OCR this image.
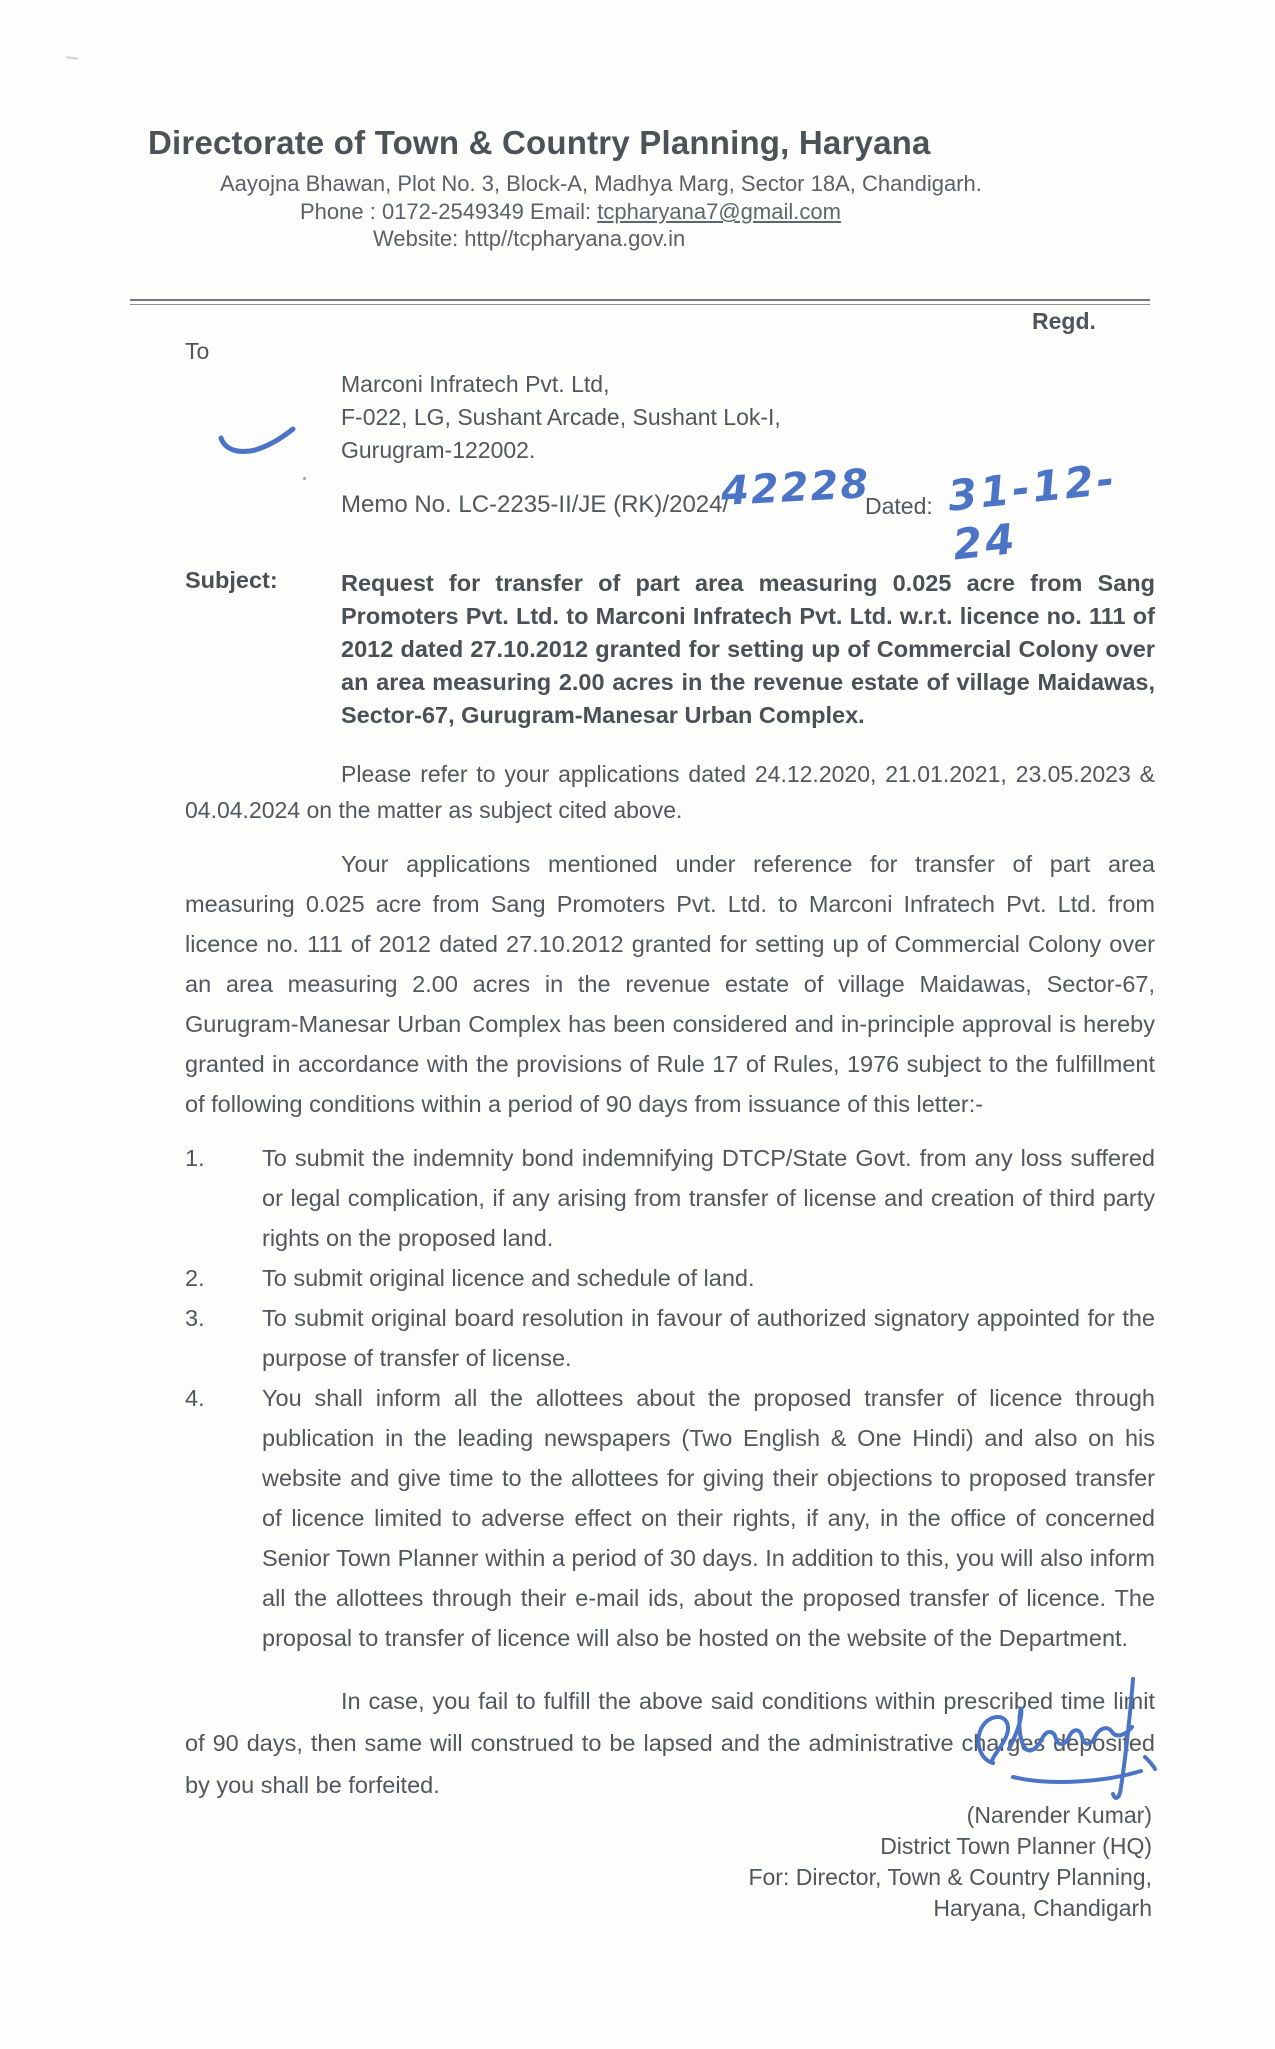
Directorate of Town & Country Planning, Haryana
Aayojna Bhawan, Plot No. 3, Block-A, Madhya Marg, Sector 18A, Chandigarh.
Phone : 0172-2549349 Email: tcpharyana7@gmail.com
Website: http//tcpharyana.gov.in
Regd.
To
Marconi Infratech Pvt. Ltd,
F-022, LG, Sushant Arcade, Sushant Lok-I,
Gurugram-122002.
Memo No. LC-2235-II/JE (RK)/2024/
42228
Dated: 31-12-24
Subject:	Request for transfer of part area measuring 0.025 acre from Sang Promoters Pvt. Ltd. to Marconi Infratech Pvt. Ltd. w.r.t. licence no. 111 of 2012 dated 27.10.2012 granted for setting up of Commercial Colony over an area measuring 2.00 acres in the revenue estate of village Maidawas, Sector-67, Gurugram-Manesar Urban Complex.
Please refer to your applications dated 24.12.2020, 21.01.2021, 23.05.2023 & 04.04.2024 on the matter as subject cited above.
Your applications mentioned under reference for transfer of part area measuring 0.025 acre from Sang Promoters Pvt. Ltd. to Marconi Infratech Pvt. Ltd. from licence no. 111 of 2012 dated 27.10.2012 granted for setting up of Commercial Colony over an area measuring 2.00 acres in the revenue estate of village Maidawas, Sector-67, Gurugram-Manesar Urban Complex has been considered and in-principle approval is hereby granted in accordance with the provisions of Rule 17 of Rules, 1976 subject to the fulfillment of following conditions within a period of 90 days from issuance of this letter:-
1.	To submit the indemnity bond indemnifying DTCP/State Govt. from any loss suffered or legal complication, if any arising from transfer of license and creation of third party rights on the proposed land.
2.	To submit original licence and schedule of land.
3.	To submit original board resolution in favour of authorized signatory appointed for the purpose of transfer of license.
4.	You shall inform all the allottees about the proposed transfer of licence through publication in the leading newspapers (Two English & One Hindi) and also on his website and give time to the allottees for giving their objections to proposed transfer of licence limited to adverse effect on their rights, if any, in the office of concerned Senior Town Planner within a period of 30 days. In addition to this, you will also inform all the allottees through their e-mail ids, about the proposed transfer of licence. The proposal to transfer of licence will also be hosted on the website of the Department.
In case, you fail to fulfill the above said conditions within prescribed time limit of 90 days, then same will construed to be lapsed and the administrative charges deposited by you shall be forfeited.
(Narender Kumar)
District Town Planner (HQ)
For: Director, Town & Country Planning,
Haryana, Chandigarh
